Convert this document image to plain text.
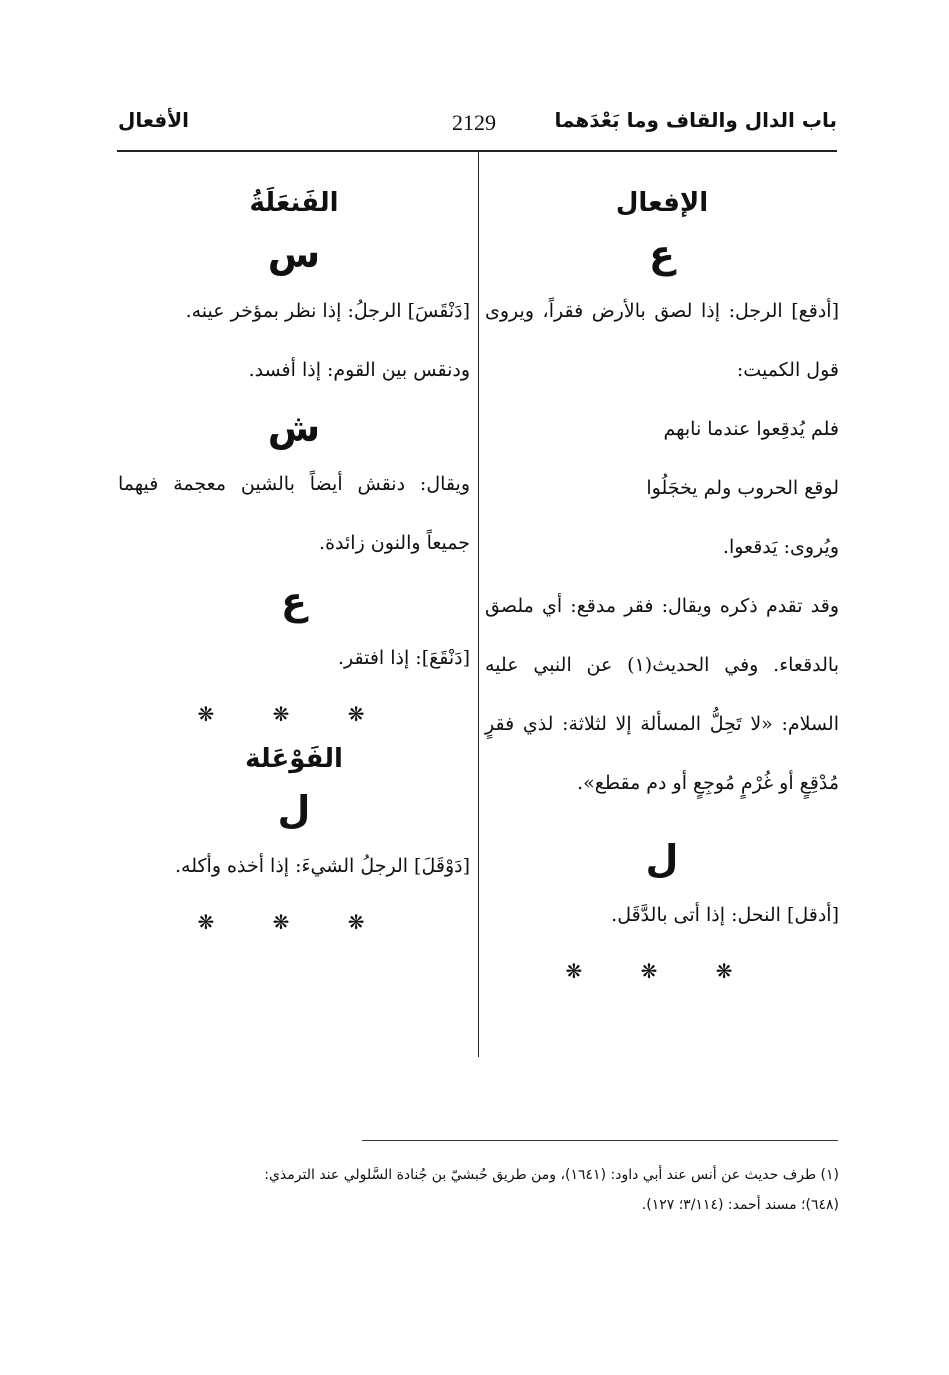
باب الدال والقاف وما بَعْدَهما
2129
الأفعال
الإفعال
ع
[أدقع] الرجل: إذا لصق بالأرض فقراً، ويروى قول الكميت:
فلم يُدقِعوا عندما نابهم
لوقع الحروب ولم يخجَلُوا
ويُروى: يَدقعوا.
وقد تقدم ذكره ويقال: فقر مدقع: أي ملصق بالدقعاء. وفي الحديث(١) عن النبي عليه السلام: «لا تَحِلُّ المسألة إلا لثلاثة: لذي فقرٍ مُدْقِعٍ أو غُرْمٍ مُوجِعٍ أو دم مقطع».
ل
[أدقل] النحل: إذا أتى بالدَّقَل.
❋ ❋ ❋
الفَنعَلَةُ
س
[دَنْقَسَ] الرجلُ: إذا نظر بمؤخر عينه.
ودنقس بين القوم: إذا أفسد.
ش
ويقال: دنقش أيضاً بالشين معجمة فيهما جميعاً والنون زائدة.
ع
[دَنْقَعَ]: إذا افتقر.
❋ ❋ ❋
الفَوْعَلة
ل
[دَوْقَلَ] الرجلُ الشيءَ: إذا أخذه وأكله.
❋ ❋ ❋
(١) طرف حديث عن أنس عند أبي داود: (١٦٤١)، ومن طريق حُبشيّ بن جُنادة السَّلولي عند الترمذي:
(٦٤٨)؛ مسند أحمد: (٣/١١٤؛ ١٢٧).
